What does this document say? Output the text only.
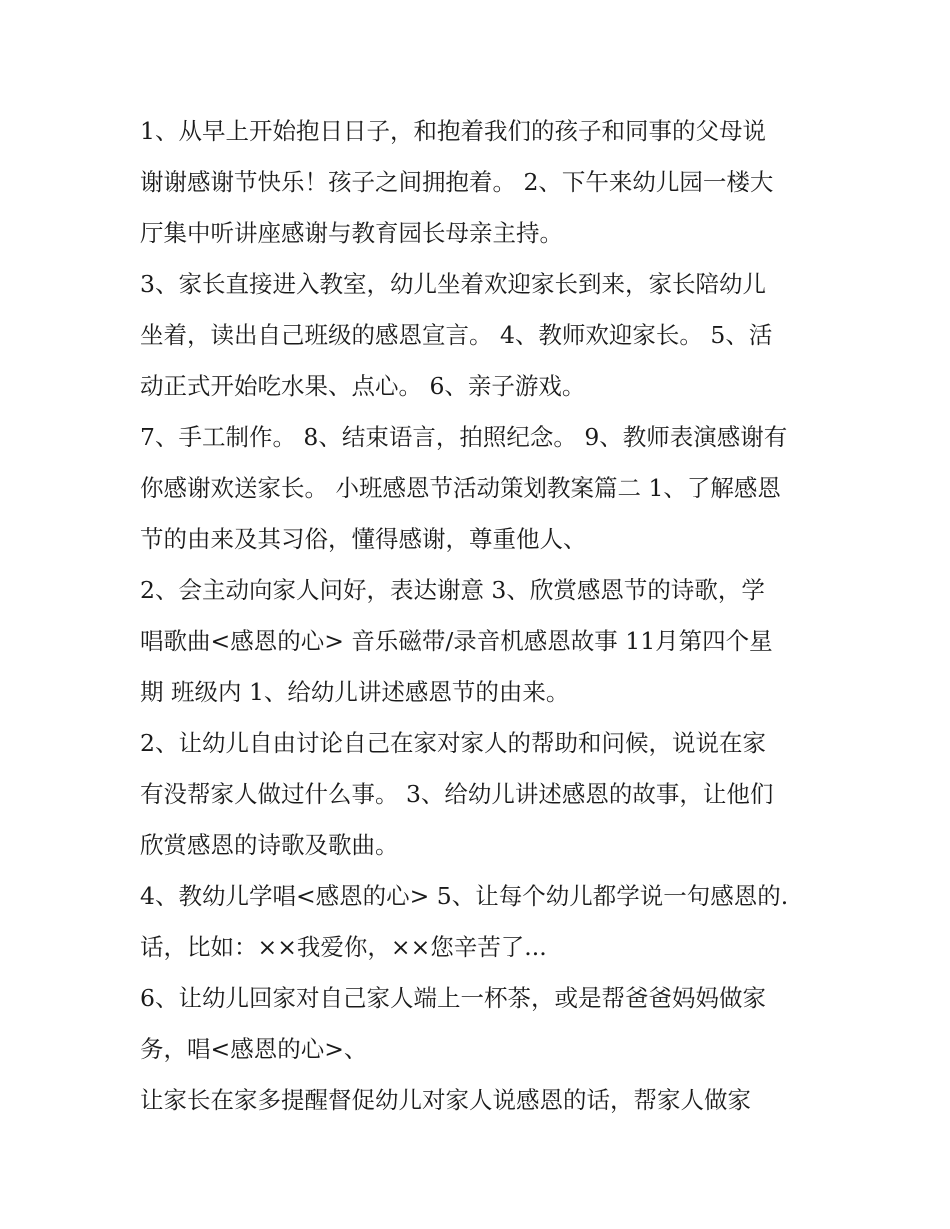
1、从早上开始抱日日子，和抱着我们的孩子和同事的父母说
谢谢感谢节快乐！孩子之间拥抱着。 2、下午来幼儿园一楼大
厅集中听讲座感谢与教育园长母亲主持。
3、家长直接进入教室，幼儿坐着欢迎家长到来，家长陪幼儿
坐着，读出自己班级的感恩宣言。 4、教师欢迎家长。 5、活
动正式开始吃水果、点心。 6、亲子游戏。
7、手工制作。 8、结束语言，拍照纪念。 9、教师表演感谢有
你感谢欢送家长。 小班感恩节活动策划教案篇二 1、了解感恩
节的由来及其习俗，懂得感谢，尊重他人、
2、会主动向家人问好，表达谢意 3、欣赏感恩节的诗歌，学
唱歌曲<感恩的心> 音乐磁带/录音机感恩故事 11月第四个星
期 班级内 1、给幼儿讲述感恩节的由来。
2、让幼儿自由讨论自己在家对家人的帮助和问候，说说在家
有没帮家人做过什么事。 3、给幼儿讲述感恩的故事，让他们
欣赏感恩的诗歌及歌曲。
4、教幼儿学唱<感恩的心> 5、让每个幼儿都学说一句感恩的.
话，比如：××我爱你，××您辛苦了...
6、让幼儿回家对自己家人端上一杯茶，或是帮爸爸妈妈做家
务，唱<感恩的心>、
让家长在家多提醒督促幼儿对家人说感恩的话，帮家人做家
